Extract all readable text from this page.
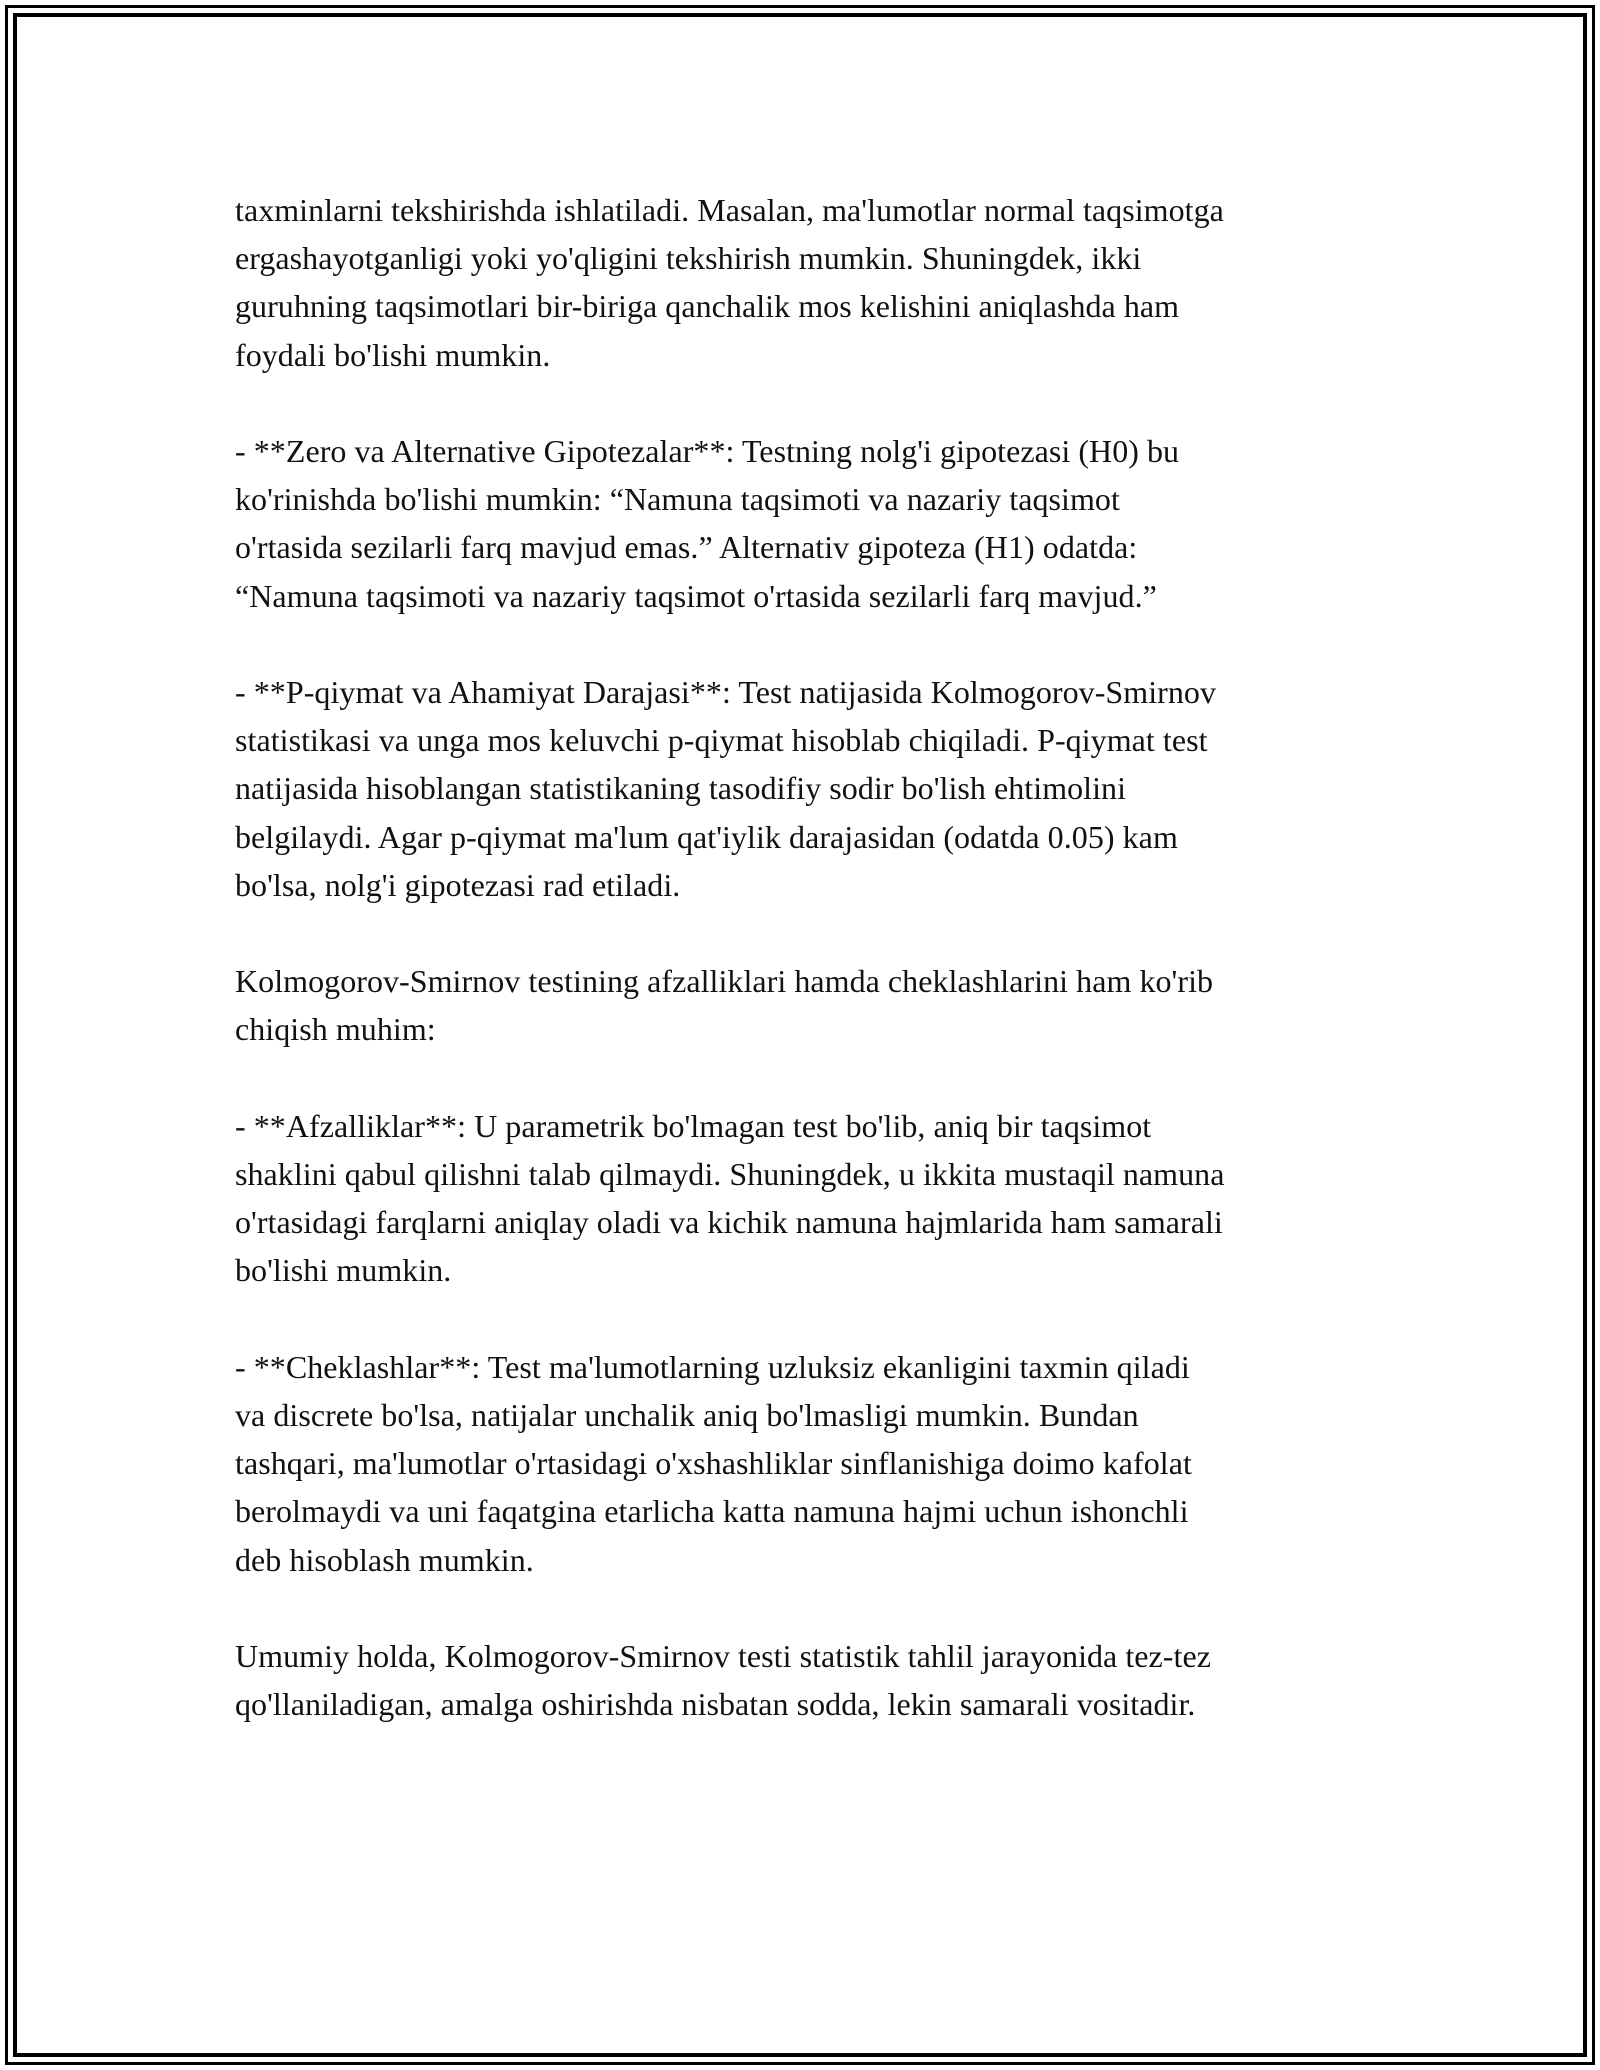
taxminlarni tekshirishda ishlatiladi. Masalan, ma'lumotlar normal taqsimotga
ergashayotganligi yoki yo'qligini tekshirish mumkin. Shuningdek, ikki
guruhning taqsimotlari bir-biriga qanchalik mos kelishini aniqlashda ham
foydali bo'lishi mumkin.

- **Zero va Alternative Gipotezalar**: Testning nolg'i gipotezasi (H0) bu
ko'rinishda bo'lishi mumkin: “Namuna taqsimoti va nazariy taqsimot
o'rtasida sezilarli farq mavjud emas.” Alternativ gipoteza (H1) odatda:
“Namuna taqsimoti va nazariy taqsimot o'rtasida sezilarli farq mavjud.”

- **P-qiymat va Ahamiyat Darajasi**: Test natijasida Kolmogorov-Smirnov
statistikasi va unga mos keluvchi p-qiymat hisoblab chiqiladi. P-qiymat test
natijasida hisoblangan statistikaning tasodifiy sodir bo'lish ehtimolini
belgilaydi. Agar p-qiymat ma'lum qat'iylik darajasidan (odatda 0.05) kam
bo'lsa, nolg'i gipotezasi rad etiladi.

Kolmogorov-Smirnov testining afzalliklari hamda cheklashlarini ham ko'rib
chiqish muhim:

- **Afzalliklar**: U parametrik bo'lmagan test bo'lib, aniq bir taqsimot
shaklini qabul qilishni talab qilmaydi. Shuningdek, u ikkita mustaqil namuna
o'rtasidagi farqlarni aniqlay oladi va kichik namuna hajmlarida ham samarali
bo'lishi mumkin.

- **Cheklashlar**: Test ma'lumotlarning uzluksiz ekanligini taxmin qiladi
va discrete bo'lsa, natijalar unchalik aniq bo'lmasligi mumkin. Bundan
tashqari, ma'lumotlar o'rtasidagi o'xshashliklar sinflanishiga doimo kafolat
berolmaydi va uni faqatgina etarlicha katta namuna hajmi uchun ishonchli
deb hisoblash mumkin.

Umumiy holda, Kolmogorov-Smirnov testi statistik tahlil jarayonida tez-tez
qo'llaniladigan, amalga oshirishda nisbatan sodda, lekin samarali vositadir.
